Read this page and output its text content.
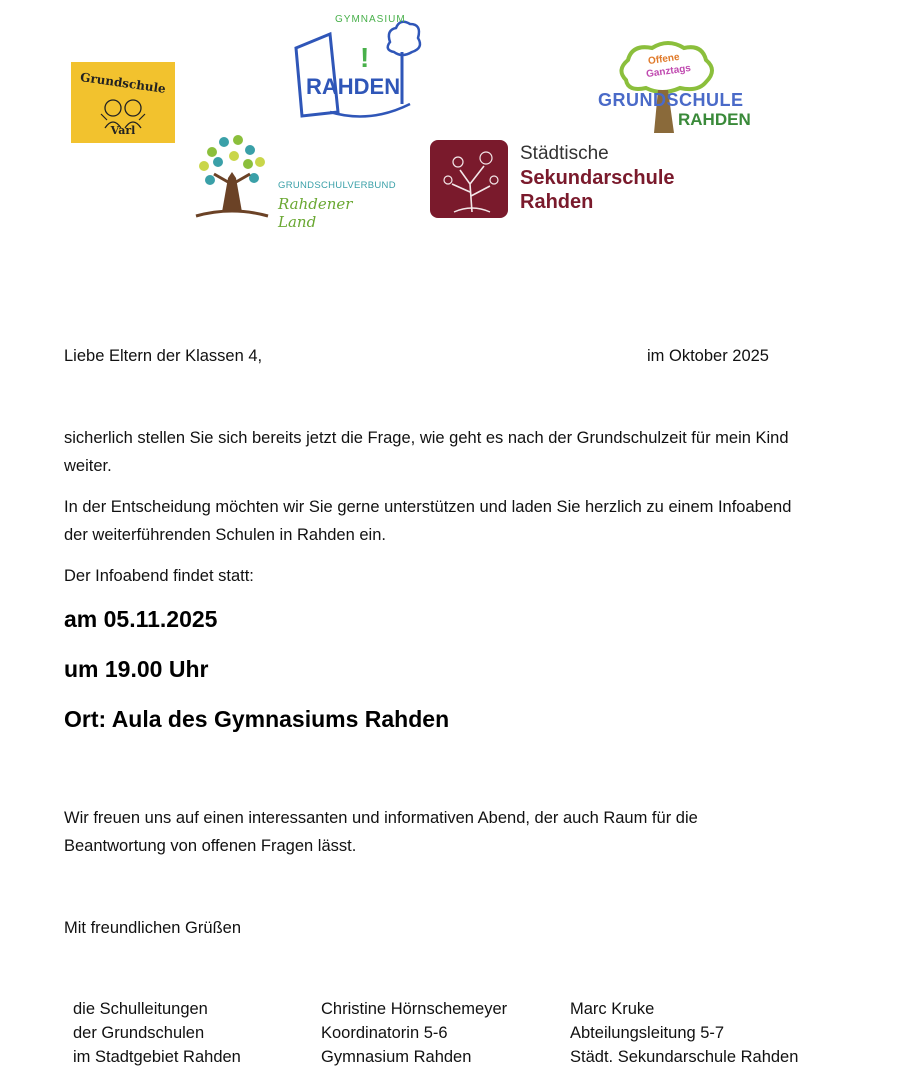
Grundschule
Varl
GYMNASIUM
RAHDEN
!	Offene
Ganztags
GRUNDSCHULE
RAHDEN
GRUNDSCHULVERBUND
Rahdener Land
Städtische
Sekundarschule
Rahden
Liebe Eltern der Klassen 4,	im Oktober 2025

sicherlich stellen Sie sich bereits jetzt die Frage, wie geht es nach der Grundschulzeit für mein Kind weiter.

In der Entscheidung möchten wir Sie gerne unterstützen und laden Sie herzlich zu einem Infoabend der weiterführenden Schulen in Rahden ein.

Der Infoabend findet statt:

am 05.11.2025
um 19.00 Uhr
Ort: Aula des Gymnasiums Rahden

Wir freuen uns auf einen interessanten und informativen Abend, der auch Raum für die Beantwortung von offenen Fragen lässt.

Mit freundlichen Grüßen
die Schulleitungen
der Grundschulen
im Stadtgebiet Rahden
Christine Hörnschemeyer
Koordinatorin 5-6
Gymnasium Rahden
Marc Kruke
Abteilungsleitung 5-7
Städt. Sekundarschule Rahden
